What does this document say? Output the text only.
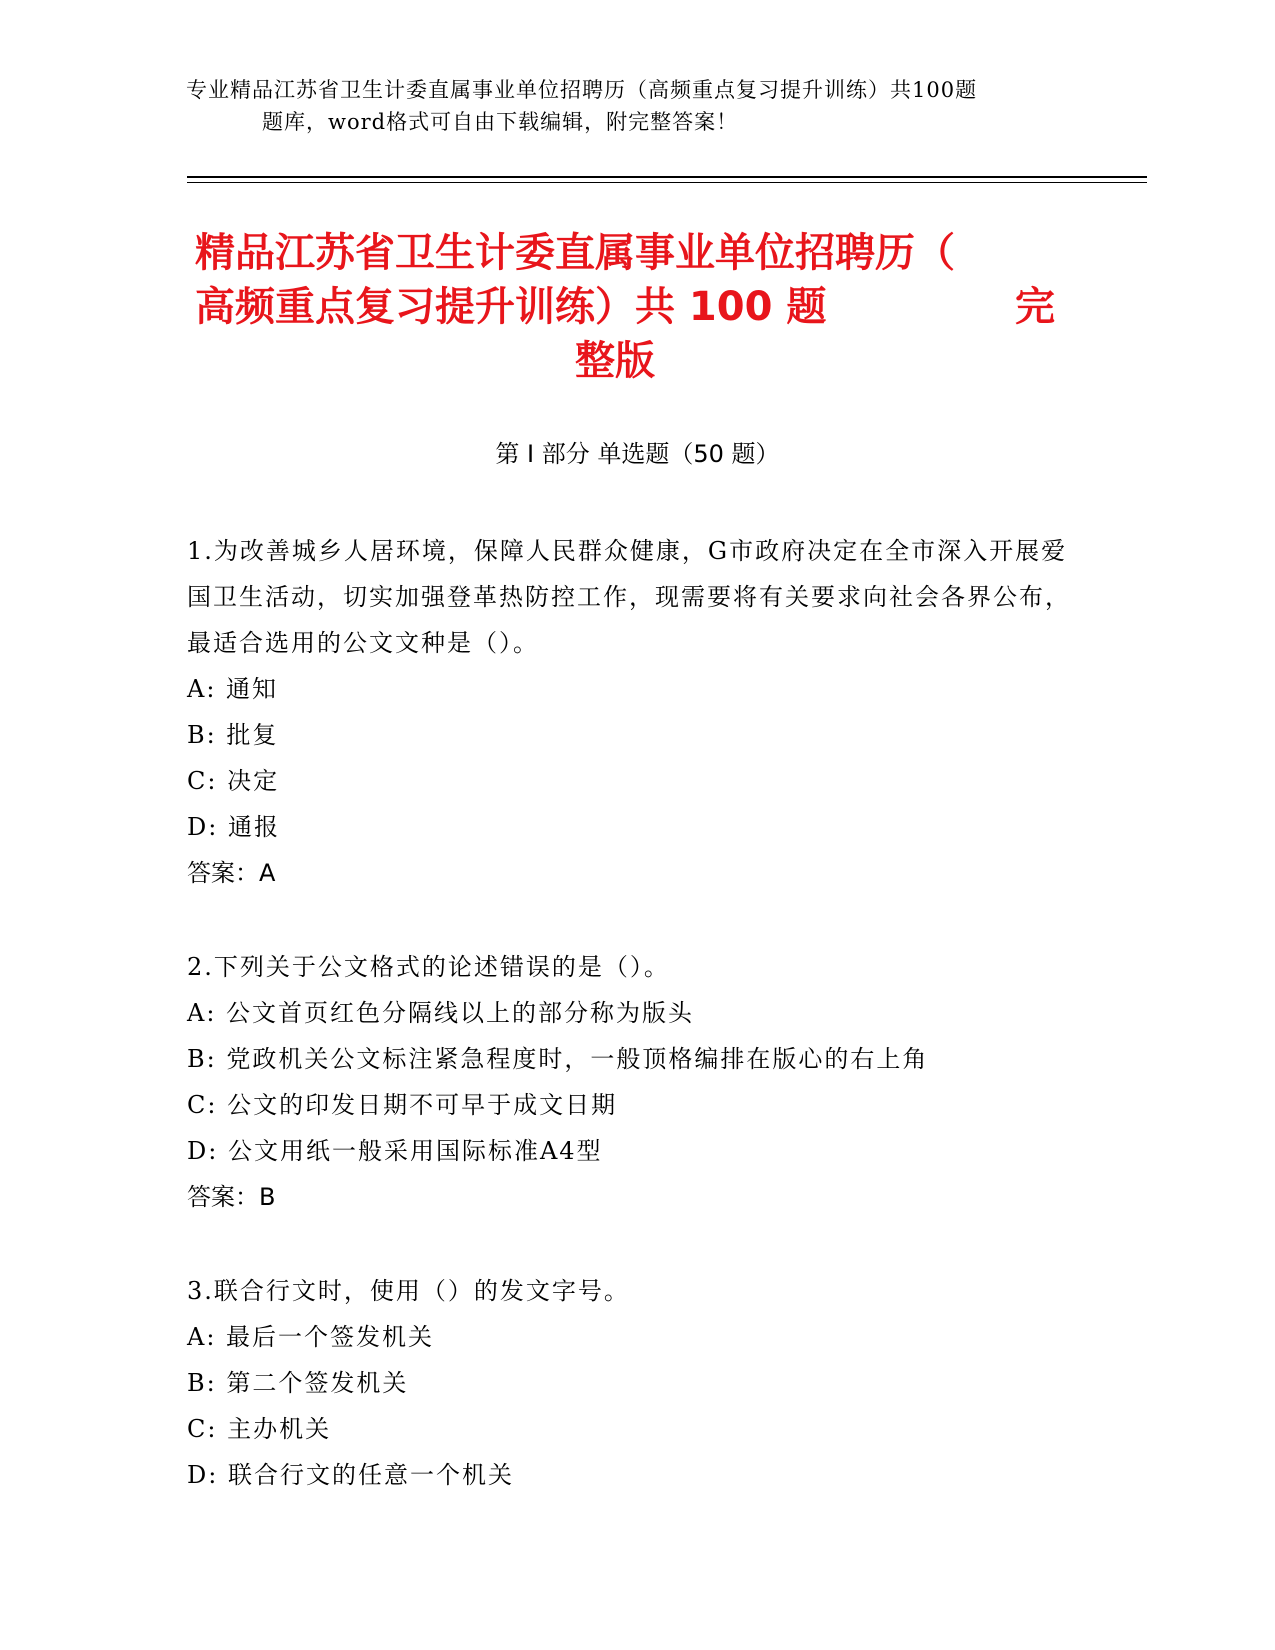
专业精品江苏省卫生计委直属事业单位招聘历（高频重点复习提升训练）共100题
题库，word格式可自由下载编辑，附完整答案！
精品江苏省卫生计委直属事业单位招聘历（
高频重点复习提升训练）共 100 题	完
整版
第 I 部分 单选题（50 题）
1.为改善城乡人居环境，保障人民群众健康，G市政府决定在全市深入开展爱国卫生活动，切实加强登革热防控工作，现需要将有关要求向社会各界公布，最适合选用的公文文种是（）。
A: 通知
B: 批复
C: 决定
D: 通报
答案：A
2.下列关于公文格式的论述错误的是（）。
A: 公文首页红色分隔线以上的部分称为版头
B: 党政机关公文标注紧急程度时，一般顶格编排在版心的右上角
C: 公文的印发日期不可早于成文日期
D: 公文用纸一般采用国际标准A4型
答案：B
3.联合行文时，使用（）的发文字号。
A: 最后一个签发机关
B: 第二个签发机关
C: 主办机关
D: 联合行文的任意一个机关
